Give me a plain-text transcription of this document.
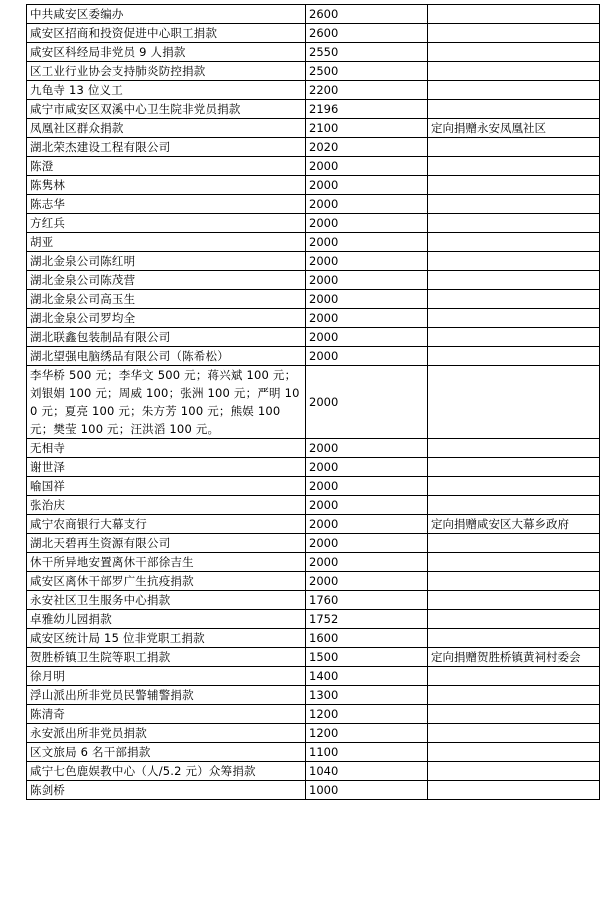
中共咸安区委编办	2600	
咸安区招商和投资促进中心职工捐款	2600	
咸安区科经局非党员 9 人捐款	2550	
区工业行业协会支持肺炎防控捐款	2500	
九龟寺 13 位义工	2200	
咸宁市咸安区双溪中心卫生院非党员捐款	2196	
凤凰社区群众捐款	2100	定向捐赠永安凤凰社区
湖北荣杰建设工程有限公司	2020	
陈澄	2000	
陈隽林	2000	
陈志华	2000	
方红兵	2000	
胡亚	2000	
湖北金泉公司陈红明	2000	
湖北金泉公司陈茂营	2000	
湖北金泉公司高玉生	2000	
湖北金泉公司罗均全	2000	
湖北联鑫包装制品有限公司	2000	
湖北望强电脑绣品有限公司（陈希松）	2000	
李华桥 500 元；李华文 500 元；蒋兴斌 100 元；刘银娟 100 元；周威 100；张洲 100 元；严明 100 元；夏亮 100 元；朱方芳 100 元；熊娱 100 元；樊莹 100 元；汪洪滔 100 元。	2000	
无相寺	2000	
谢世泽	2000	
喻国祥	2000	
张治庆	2000	
咸宁农商银行大幕支行	2000	定向捐赠咸安区大幕乡政府
湖北天碧再生资源有限公司	2000	
休干所异地安置离休干部徐吉生	2000	
咸安区离休干部罗广生抗疫捐款	2000	
永安社区卫生服务中心捐款	1760	
卓雅幼儿园捐款	1752	
咸安区统计局 15 位非党职工捐款	1600	
贺胜桥镇卫生院等职工捐款	1500	定向捐赠贺胜桥镇黄祠村委会
徐月明	1400	
浮山派出所非党员民警辅警捐款	1300	
陈清奇	1200	
永安派出所非党员捐款	1200	
区文旅局 6 名干部捐款	1100	
咸宁七色鹿娱教中心（人/5.2 元）众筹捐款	1040	
陈剑桥	1000	
